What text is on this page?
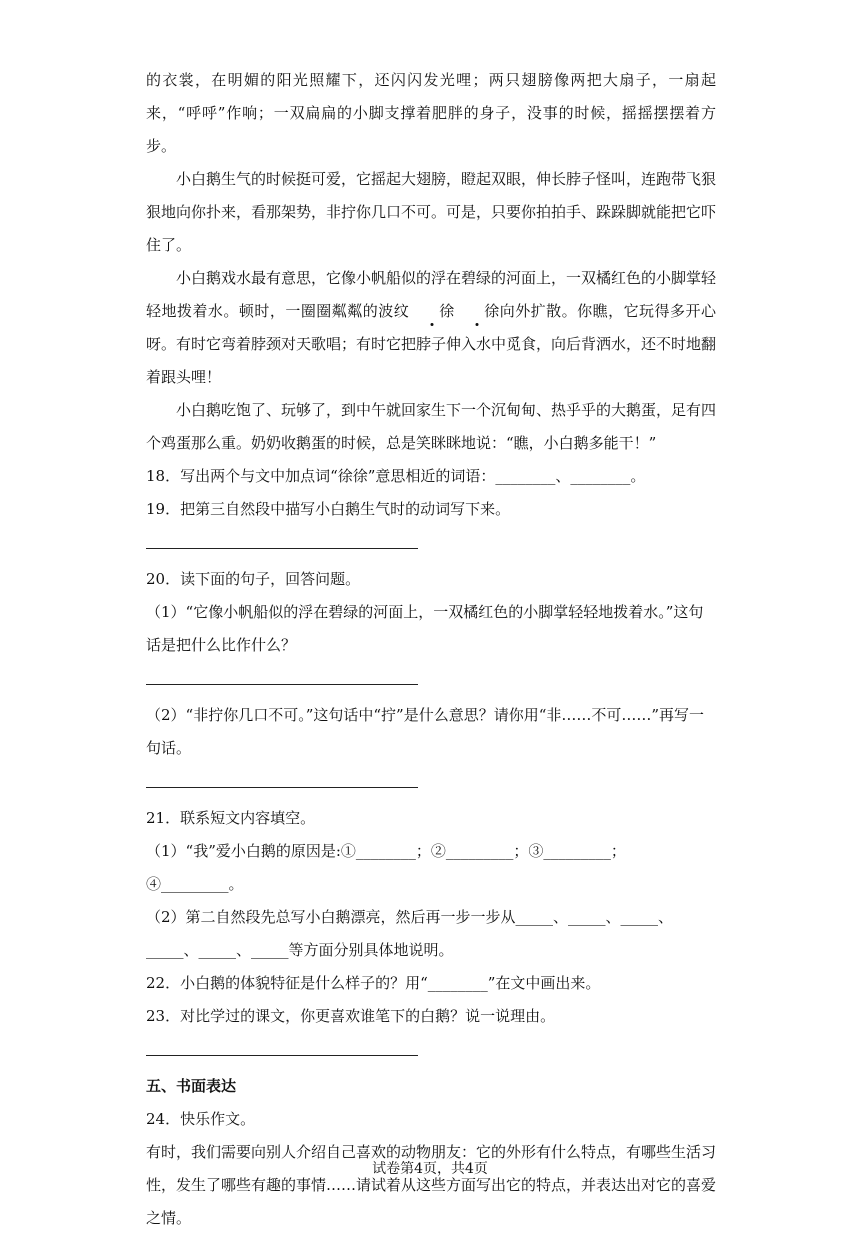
的衣裳，在明媚的阳光照耀下，还闪闪发光哩；两只翅膀像两把大扇子，一扇起来，“呼呼”作响；一双扁扁的小脚支撑着肥胖的身子，没事的时候，摇摇摆摆着方步。

小白鹅生气的时候挺可爱，它摇起大翅膀，瞪起双眼，伸长脖子怪叫，连跑带飞狠狠地向你扑来，看那架势，非拧你几口不可。可是，只要你拍拍手、跺跺脚就能把它吓住了。

小白鹅戏水最有意思，它像小帆船似的浮在碧绿的河面上，一双橘红色的小脚掌轻轻地拨着水。顿时，一圈圈粼粼的波纹 徐 徐向外扩散。你瞧，它玩得多开心呀。有时它弯着脖颈对天歌唱；有时它把脖子伸入水中觅食，向后背洒水，还不时地翻着跟头哩！

小白鹅吃饱了、玩够了，到中午就回家生下一个沉甸甸、热乎乎的大鹅蛋，足有四个鸡蛋那么重。奶奶收鹅蛋的时候，总是笑眯眯地说：“瞧，小白鹅多能干！”

18．写出两个与文中加点词“徐徐”意思相近的词语：________、________。

19．把第三自然段中描写小白鹅生气时的动词写下来。

20．读下面的句子，回答问题。

（1）“它像小帆船似的浮在碧绿的河面上，一双橘红色的小脚掌轻轻地拨着水。”这句话是把什么比作什么？

（2）“非拧你几口不可。”这句话中“拧”是什么意思？请你用“非……不可……”再写一句话。

21．联系短文内容填空。

（1）“我”爱小白鹅的原因是:①________；②_________；③_________；④_________。

（2）第二自然段先总写小白鹅漂亮，然后再一步一步从_____、_____、_____、_____、_____、_____等方面分别具体地说明。

22．小白鹅的体貌特征是什么样子的？用“________”在文中画出来。

23．对比学过的课文，你更喜欢谁笔下的白鹅？说一说理由。

五、书面表达

24．快乐作文。

有时，我们需要向别人介绍自己喜欢的动物朋友：它的外形有什么特点，有哪些生活习性，发生了哪些有趣的事情……请试着从这些方面写出它的特点，并表达出对它的喜爱之情。

试卷第4页，共4页
